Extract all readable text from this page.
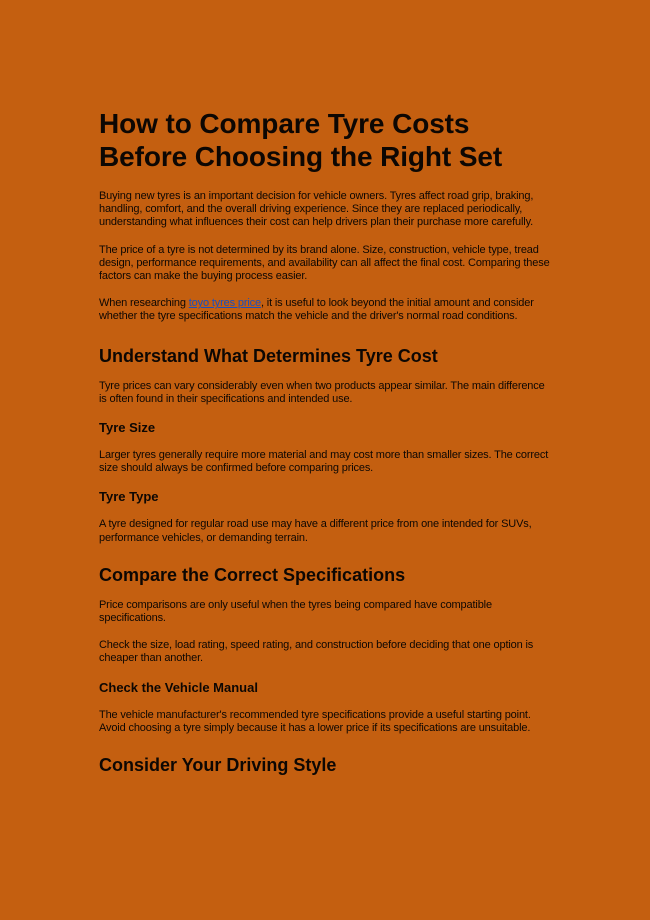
How to Compare Tyre Costs Before Choosing the Right Set

Buying new tyres is an important decision for vehicle owners. Tyres affect road grip, braking, handling, comfort, and the overall driving experience. Since they are replaced periodically, understanding what influences their cost can help drivers plan their purchase more carefully.

The price of a tyre is not determined by its brand alone. Size, construction, vehicle type, tread design, performance requirements, and availability can all affect the final cost. Comparing these factors can make the buying process easier.

When researching toyo tyres price, it is useful to look beyond the initial amount and consider whether the tyre specifications match the vehicle and the driver's normal road conditions.

Understand What Determines Tyre Cost

Tyre prices can vary considerably even when two products appear similar. The main difference is often found in their specifications and intended use.

Tyre Size

Larger tyres generally require more material and may cost more than smaller sizes. The correct size should always be confirmed before comparing prices.

Tyre Type

A tyre designed for regular road use may have a different price from one intended for SUVs, performance vehicles, or demanding terrain.

Compare the Correct Specifications

Price comparisons are only useful when the tyres being compared have compatible specifications.

Check the size, load rating, speed rating, and construction before deciding that one option is cheaper than another.

Check the Vehicle Manual

The vehicle manufacturer's recommended tyre specifications provide a useful starting point. Avoid choosing a tyre simply because it has a lower price if its specifications are unsuitable.

Consider Your Driving Style
